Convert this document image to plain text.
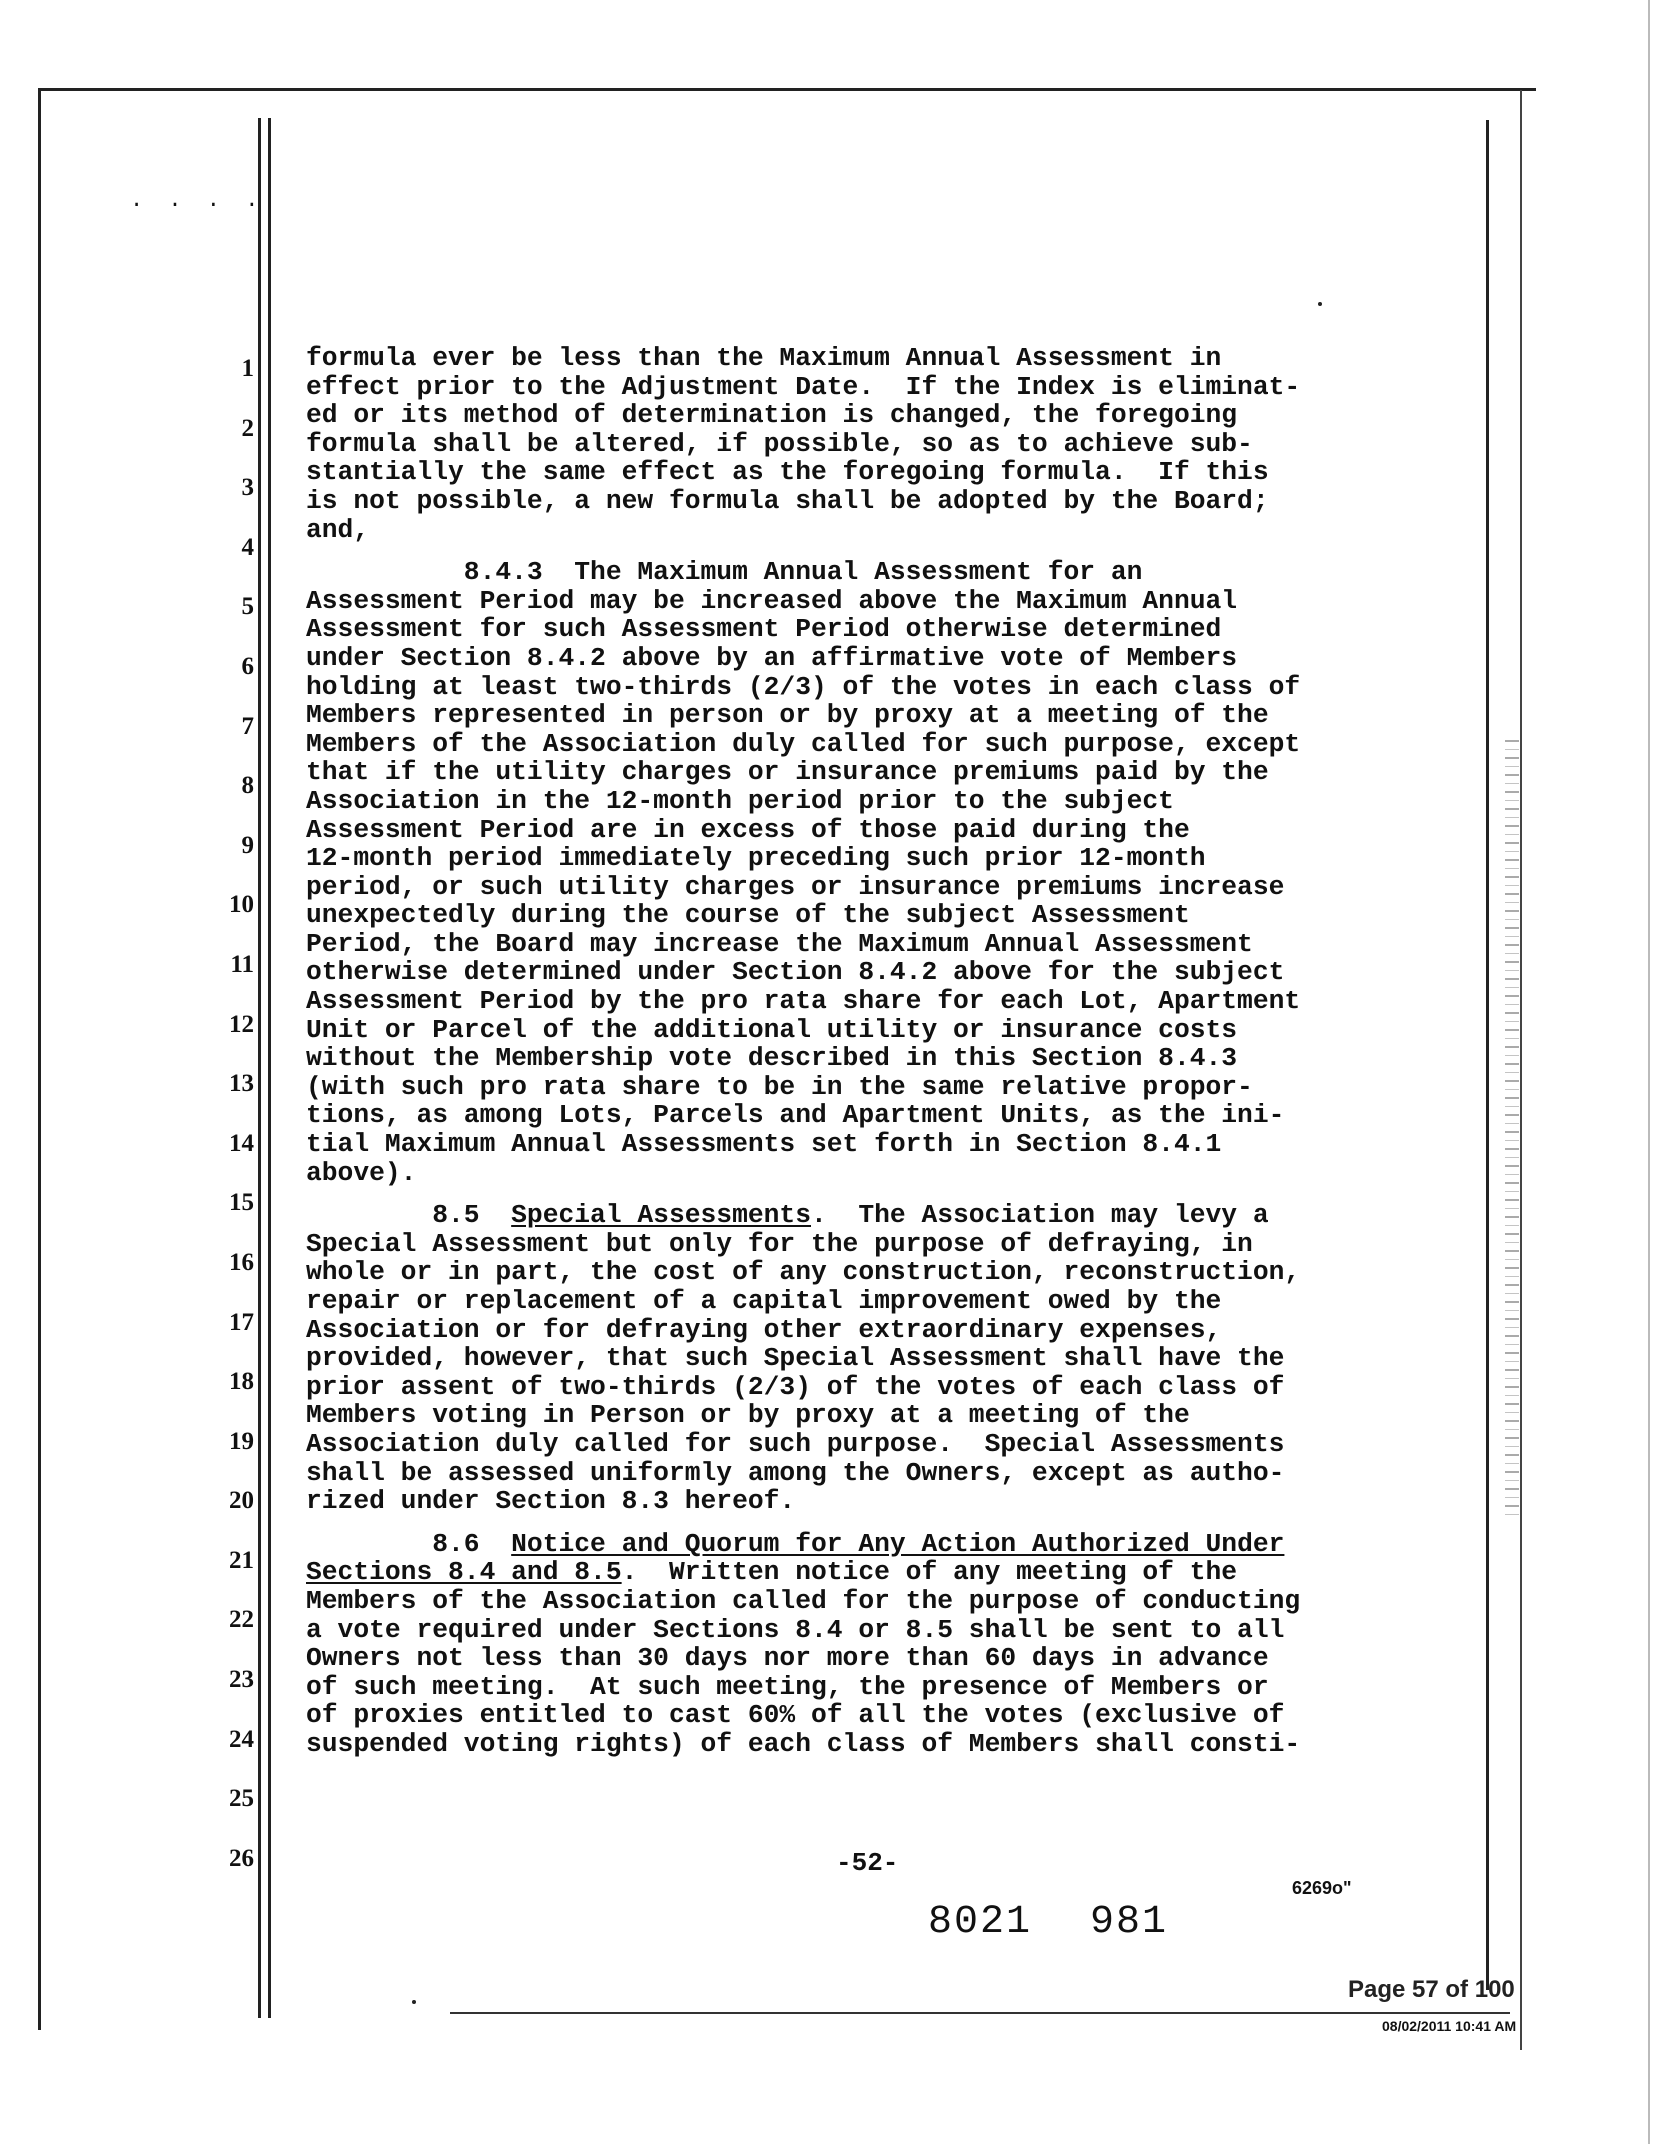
. . . .
1
2
3
4
5
6
7
8
9
10
11
12
13
14
15
16
17
18
19
20
21
22
23
24
25
26

formula ever be less than the Maximum Annual Assessment in

effect prior to the Adjustment Date.  If the Index is eliminat-

ed or its method of determination is changed, the foregoing

formula shall be altered, if possible, so as to achieve sub-

stantially the same effect as the foregoing formula.  If this

is not possible, a new formula shall be adopted by the Board;

and,

8.4.3  The Maximum Annual Assessment for an

Assessment Period may be increased above the Maximum Annual

Assessment for such Assessment Period otherwise determined

under Section 8.4.2 above by an affirmative vote of Members

holding at least two-thirds (2/3) of the votes in each class of

Members represented in person or by proxy at a meeting of the

Members of the Association duly called for such purpose, except

that if the utility charges or insurance premiums paid by the

Association in the 12-month period prior to the subject

Assessment Period are in excess of those paid during the

12-month period immediately preceding such prior 12-month

period, or such utility charges or insurance premiums increase

unexpectedly during the course of the subject Assessment

Period, the Board may increase the Maximum Annual Assessment

otherwise determined under Section 8.4.2 above for the subject

Assessment Period by the pro rata share for each Lot, Apartment

Unit or Parcel of the additional utility or insurance costs

without the Membership vote described in this Section 8.4.3

(with such pro rata share to be in the same relative propor-

tions, as among Lots, Parcels and Apartment Units, as the ini-

tial Maximum Annual Assessments set forth in Section 8.4.1

above).

8.5  Special Assessments.  The Association may levy a

Special Assessment but only for the purpose of defraying, in

whole or in part, the cost of any construction, reconstruction,

repair or replacement of a capital improvement owed by the

Association or for defraying other extraordinary expenses,

provided, however, that such Special Assessment shall have the

prior assent of two-thirds (2/3) of the votes of each class of

Members voting in Person or by proxy at a meeting of the

Association duly called for such purpose.  Special Assessments

shall be assessed uniformly among the Owners, except as autho-

rized under Section 8.3 hereof.

8.6  Notice and Quorum for Any Action Authorized Under

Sections 8.4 and 8.5.  Written notice of any meeting of the

Members of the Association called for the purpose of conducting

a vote required under Sections 8.4 or 8.5 shall be sent to all

Owners not less than 30 days nor more than 60 days in advance

of such meeting.  At such meeting, the presence of Members or

of proxies entitled to cast 60% of all the votes (exclusive of

suspended voting rights) of each class of Members shall consti-

-52-
6269o"
8021 981
Page 57 of 100
08/02/2011 10:41 AM
